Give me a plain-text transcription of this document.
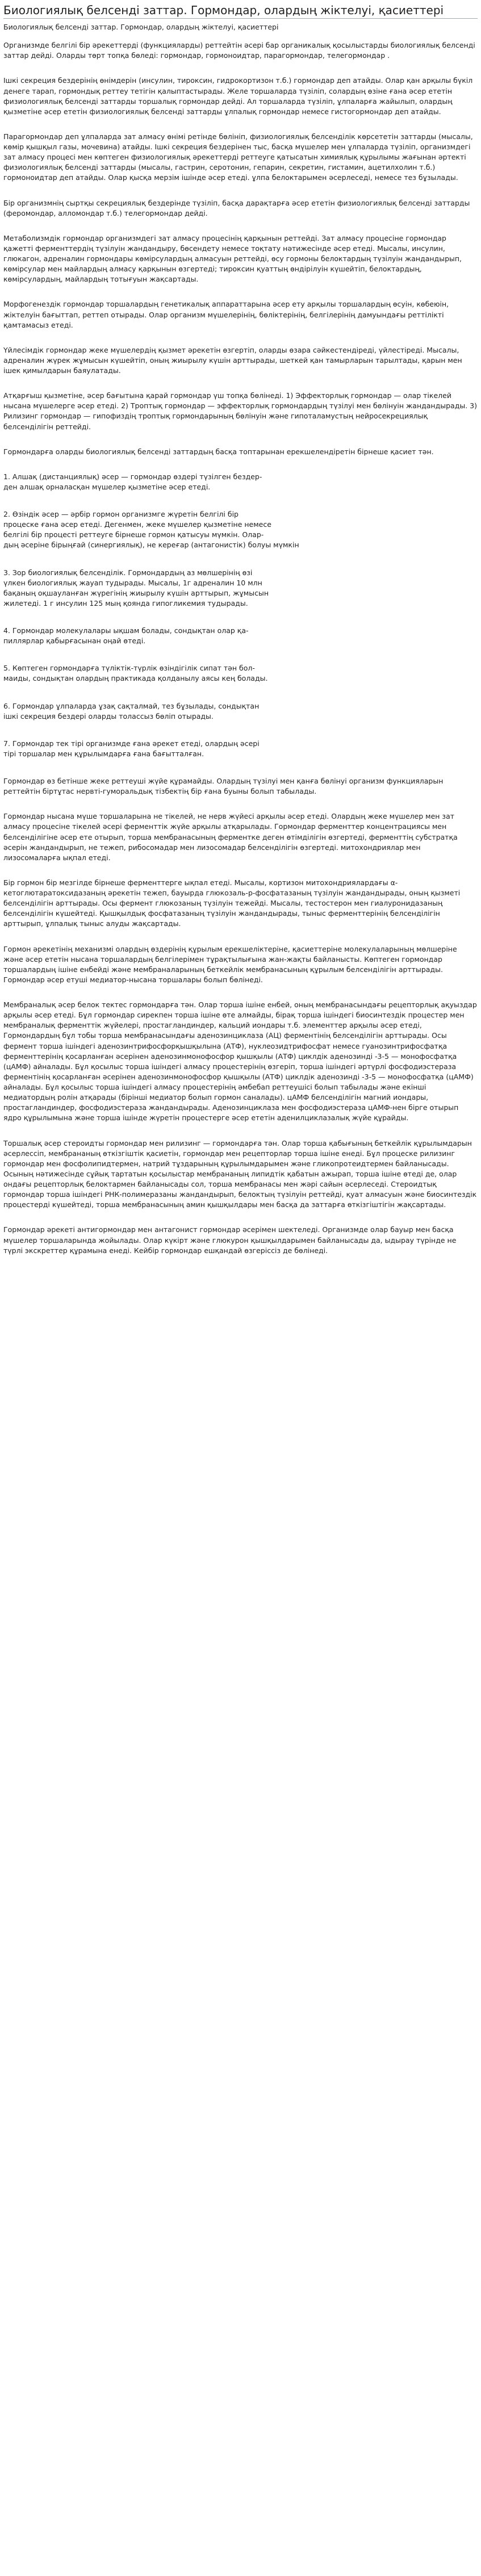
Биологиялық белсенді заттар. Гормондар, олардың жіктелуі, қасиеттері
Биологиялық белсенді заттар. Гормондар, олардың жіктелуі, қасиеттері

Организмде белгілі бір әрекеттерді (функцияларды) реттейтін әсері бар органикалық қосылыстарды биологиялық белсенді заттар дейді. Оларды төрт топқа бөледі: гормондар, гормоноидтар, парагормондар, телегормондар .

Ішкі секреция бездерінің өнімдерін (инсулин, тироксин, гидрокортизон т.б.) гормондар деп атайды. Олар қан арқылы бүкіл денеге тарап, гормондық реттеу тетігін қалыптастырады. Желе торшаларда түзіліп, солардың өзіне ғана әсер ететін физиологиялық белсенді заттарды торшалық гормондар дейді. Ал торшаларда түзіліп, ұлпаларға жайылып, олардың қызметіне әсер ететін физиологиялық белсенді заттарды ұлпалық гормондар немесе гистогормондар деп атайды.

Парагормондар деп ұлпаларда зат алмасу өнімі ретінде бөлініп, физиологиялық белсенділік көрсететін заттарды (мысалы, көмір қышқыл газы, мочевина) атайды. Ішкі секреция бездерінен тыс, басқа мүшелер мен ұлпаларда түзіліп, организмдегі зат алмасу процесі мен көптеген физиологиялық әрекеттерді реттеуге қатысатын химиялық құрылымы жағынан әртекті физиологиялық белсенді заттарды (мысалы, гастрин, серотонин, гепарин, секретин, гистамин, ацетилхолин т.б.) гормоноидтар деп атайды. Олар қысқа мерзім ішінде әсер етеді. ұлпа белоктарымен әсерлеседі, немесе тез бұзылады.

Бір организмнің сыртқы секрециялық бездерінде түзіліп, басқа дарақтарға әсер ететін физиологиялық белсенді заттарды (феромондар, алломондар т.б.) телегормондар дейді.

Метаболизмдік гормондар организмдегі зат алмасу процесінің қарқынын реттейді. Зат алмасу процесіне гормондар қажетті ферменттердің түзілуін жандандыру, бөсендету немесе тоқтату нәтижесінде әсер етеді. Мысалы, инсулин, глюкагон, адреналин гормондары көмірсулардың алмасуын реттейді, өсу гормоны белоктардың түзілуін жандандырып, көмірсулар мен майлардың алмасу қарқынын өзгертеді; тироксин қуаттың өндірілуін күшейтіп, белоктардың, көмірсулардың, майлардың тотығуын жақсартады.

Морфогенездік гормондар торшалардың генетикалық аппараттарына әсер ету арқылы торшалардың өсуін, көбеюін, жіктелуін бағыттап, реттеп отырады. Олар организм мүшелерінің, бөліктерінің, белгілерінің дамуындағы реттілікті қамтамасыз етеді.

Үйлесімдік гормондар жеке мүшелердің қызмет әрекетін өзгертіп, оларды өзара сәйкестендіреді, үйлестіреді. Мысалы, адреналин жүрек жұмысын күшейтіп, оның жиырылу күшін арттырады, шеткей қан тамырларын тарылтады, қарын мен ішек қимылдарын баяулатады.

Атқарғыш қызметіне, әсер бағытына қарай гормондар үш топқа бөлінеді. 1) Эффекторлық гормондар — олар тікелей нысана мүшелерге әсер етеді. 2) Троптық гормондар — эффекторлық гормондардың түзілуі мен бөлінуін жандандырады. 3) Рилизинг гормондар — гипофиздің троптық гормондарының бөлінуін және гипоталамустың нейросекрециялық белсенділігін реттейді.

Гормондарға оларды биологиялық белсенді заттардың басқа топтарынан ерекшелендіретін бірнеше қасиет тән.

1. Алшақ (дистанциялық) әсер — гормондар өздері түзілген бездер-
ден алшақ орналасқан мүшелер қызметіне әсер етеді.

2. Өзіндік әсер — әрбір гормон организмге жүретін белгілі бір
процеске ғана әсер етеді. Дегенмен, жеке мүшелер қызметіне немесе
белгілі бір процесті реттеуге бірнеше гормон қатысуы мүмкін. Олар-
дың әсеріне бірыңғай (синергиялық), не кереғар (антагонистік) болуы мүмкін

3. Зор биологиялық белсенділік. Гормондардың аз мөлшерінің өзі
үлкен биологиялық жауап тудырады. Мысалы, 1г адреналин 10 млн
бақаның оқшауланған жүрегінің жиырылу күшін арттырып, жұмысын
жилетеді. 1 г инсулин 125 мың қоянда гипогликемия тудырады.

4. Гормондар молекулалары ықшам болады, сондықтан олар қа-
пиллярлар қабырғасынан оңай өтеді.

5. Көптеген гормондарға түліктік-түрлік өзіндігілік сипат тән бол-
маиды, сондықтан олардың практикада қолданылу аясы кең болады.

6. Гормондар ұлпаларда ұзақ сақталмай, тез бұзылады, сондықтан
ішкі секреция бездері оларды толассыз бөліп отырады.

7. Гормондар тек тірі организмде ғана әрекет етеді, олардың әсері
тірі торшалар мен құрылымдарға ғана бағытталған.

Гормондар өз бетінше жеке реттеуші жүйе құрамайды. Олардың түзілуі мен қанға бөлінуі организм функцияларын реттейтін біртұтас нервті-гуморальдық тізбектің бір ғана буыны болып табылады.

Гормондар нысана мүше торшаларына не тікелей, не нерв жүйесі арқылы әсер етеді. Олардың жеке мүшелер мен зат алмасу процесіне тікелей әсері ферменттік жүйе арқылы атқарылады. Гормондар ферменттер концентрациясы мен белсенділігіне әсер ете отырып, торша мембранасының ферментке деген өтімділігін өзгертеді, ферменттің субстратқа әсерін жандандырып, не тежеп, рибосомадар мен лизосомадар белсенділігін өзгертеді. митохондриялар мен лизосомаларға ықпал етеді.

Бір гормон бір мезгілде бірнеше ферменттерге ықпал етеді. Мысалы, кортизон митохондриялардағы α-кетоглютаратоксидазаның әрекетін тежеп, бауырда глюкозаль-р-фосфатазаның түзілуін жандандырады, оның қызметі белсенділігін арттырады. Осы фермент глюкозаның түзілуін тежейді. Мысалы, тестостерон мен гиалуронидазаның белсенділігін күшейтеді. Қышқылдық фосфатазаның түзілуін жандандырады, тыныс ферменттерінің белсенділігін арттырып, ұлпалық тыныс алуды жақсартады.

Гормон әрекетінің механизмі олардың өздерінің құрылым ерекшеліктеріне, қасиеттеріне молекулаларының мөлшеріне және әсер ететін нысана торшалардың белгілерімен тұрақтылығына жан-жақты байланысты. Көптеген гормондар торшалардың ішіне енбейді және мембраналарының беткейлік мембранасының құрылым белсенділігін арттырады. Гормондар әсер етуші медиатор-нысана торшалары болып бөлінеді.

Мембраналық әсер белок тектес гормондарға тән. Олар торша ішіне енбей, оның мембранасындағы рецепторлық ақуыздар арқылы әсер етеді. Бұл гормондар сирекпен торша ішіне өте алмайды, бірақ торша ішіндегі биосинтездік процестер мен мембраналық ферменттік жүйелері, простагландиндер, кальций иондары т.б. элементтер арқылы әсер етеді, Гормондардың бұл тобы торша мембранасындағы аденозинциклаза (АЦ) ферментінің белсенділігін арттырады. Осы фермент торша ішіндегі аденозинтрифосфорқышқылына (АТФ), нуклеозидтрифосфат немесе гуанозинтрифосфатқа ферменттерінің қосарланған әсерінен аденозинмонофосфор қышқылы (АТФ) циклдік аденозинді -3-5 — монофосфатқа (цАМФ) айналады. Бұл қосылыс торша ішіндегі алмасу процестерінің өзгеріп, торша ішіндегі әртүрлі фосфодиэстераза ферментінің қосарланған әсерінен аденозинмонофосфор қышқылы (АТФ) циклдік аденозинді -3-5 — монофосфатқа (цАМФ) айналады. Бұл қосылыс торша ішіндегі алмасу процестерінің әмбебап реттеушісі болып табылады және екінші медиатордың ролін атқарады (бірінші медиатор болып гормон саналады). цАМФ белсенділігін магний иондары, простагландиндер, фосфодиэстераза жандандырады. Аденозинциклаза мен фосфодиэстераза цАМФ-нен бірге отырып ядро құрылымына және торша ішінде жүретін процестерге әсер ететін аденилциклазалық жүйе құрайды.

Торшалық әсер стероидты гормондар мен рилизинг — гормондарға тән. Олар торша қабығының беткейлік құрылымдарын әсерлессіп, мембрананың өткізгіштік қасиетін, гормондар мен рецепторлар торша ішіне енеді. Бұл процеске рилизинг гормондар мен фосфолипидтермен, натрий тұздарының құрылымдарымен және гликопротеидтермен байланысады. Осының нәтижесінде сұйық тартатын қосылыстар мембрананың липидтік қабатын ажырап, торша ішіне өтеді де, олар ондағы рецепторлық белоктармен байланысады сол, торша мембранасы мен жәрі сайын әсерлеседі. Стероидтық гормондар торша ішіндегі РНК-полимеразаны жандандырып, белоктың түзілуін реттейді, қуат алмасуын және биосинтездік процестерді күшейтеді, торша мембранасының амин қышқылдары мен басқа да заттарға өткізгіштігін жақсартады.

Гормондар әрекеті антигормондар мен антагонист гормондар әсерімен шектеледі. Организмде олар бауыр мен басқа мүшелер торшаларында жойылады. Олар күкірт және глюкурон қышқылдарымен байланысады да, ыдырау түрінде не түрлі экскреттер құрамына енеді. Кейбір гормондар ешқандай өзгеріссіз де бөлінеді.
